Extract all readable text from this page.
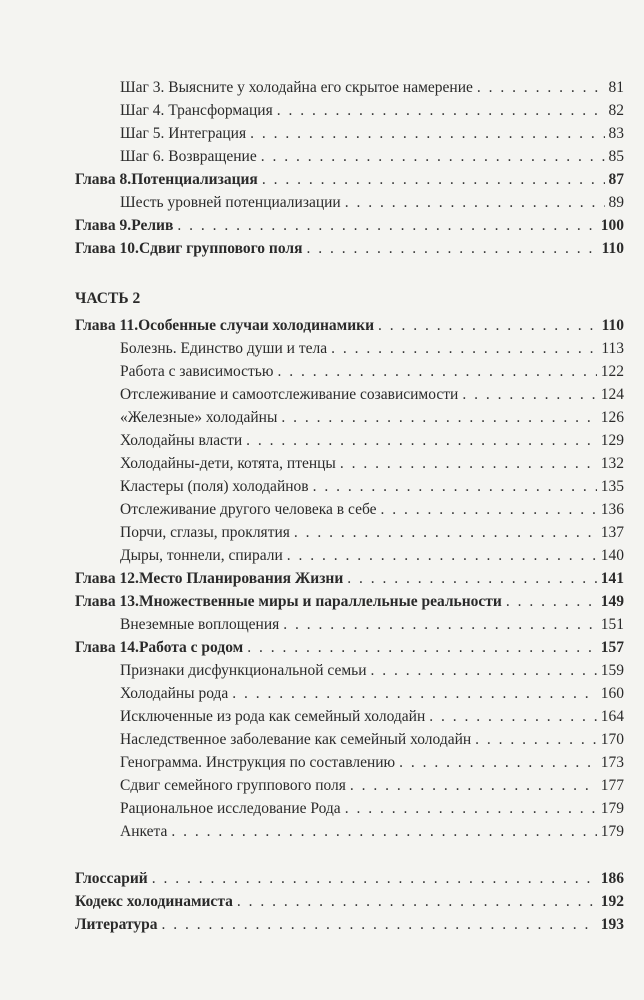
Шаг 3. Выясните у холодайна его скрытое намерение . . .	81
Шаг 4. Трансформация . . .	82
Шаг 5. Интеграция . . .	83
Шаг 6. Возвращение . . .	85
Глава 8. Потенциализация . . .	87
Шесть уровней потенциализации . . .	89
Глава 9. Релив . . .	100
Глава 10. Сдвиг группового поля . . .	110
ЧАСТЬ 2
Глава 11. Особенные случаи холодинамики . . .	110
Болезнь. Единство души и тела . . .	113
Работа с зависимостью . . .	122
Отслеживание и самоотслеживание созависимости . . .	124
«Железные» холодайны . . .	126
Холодайны власти . . .	129
Холодайны-дети, котята, птенцы . . .	132
Кластеры (поля) холодайнов . . .	135
Отслеживание другого человека в себе . . .	136
Порчи, сглазы, проклятия . . .	137
Дыры, тоннели, спирали . . .	140
Глава 12. Место Планирования Жизни . . .	141
Глава 13. Множественные миры и параллельные реальности . . .	149
Внеземные воплощения . . .	151
Глава 14. Работа с родом . . .	157
Признаки дисфункциональной семьи . . .	159
Холодайны рода . . .	160
Исключенные из рода как семейный холодайн . . .	164
Наследственное заболевание как семейный холодайн . . .	170
Генограмма. Инструкция по составлению . . .	173
Сдвиг семейного группового поля . . .	177
Рациональное исследование Рода . . .	179
Анкета . . .	179
Глоссарий . . .	186
Кодекс холодинамиста . . .	192
Литература . . .	193
